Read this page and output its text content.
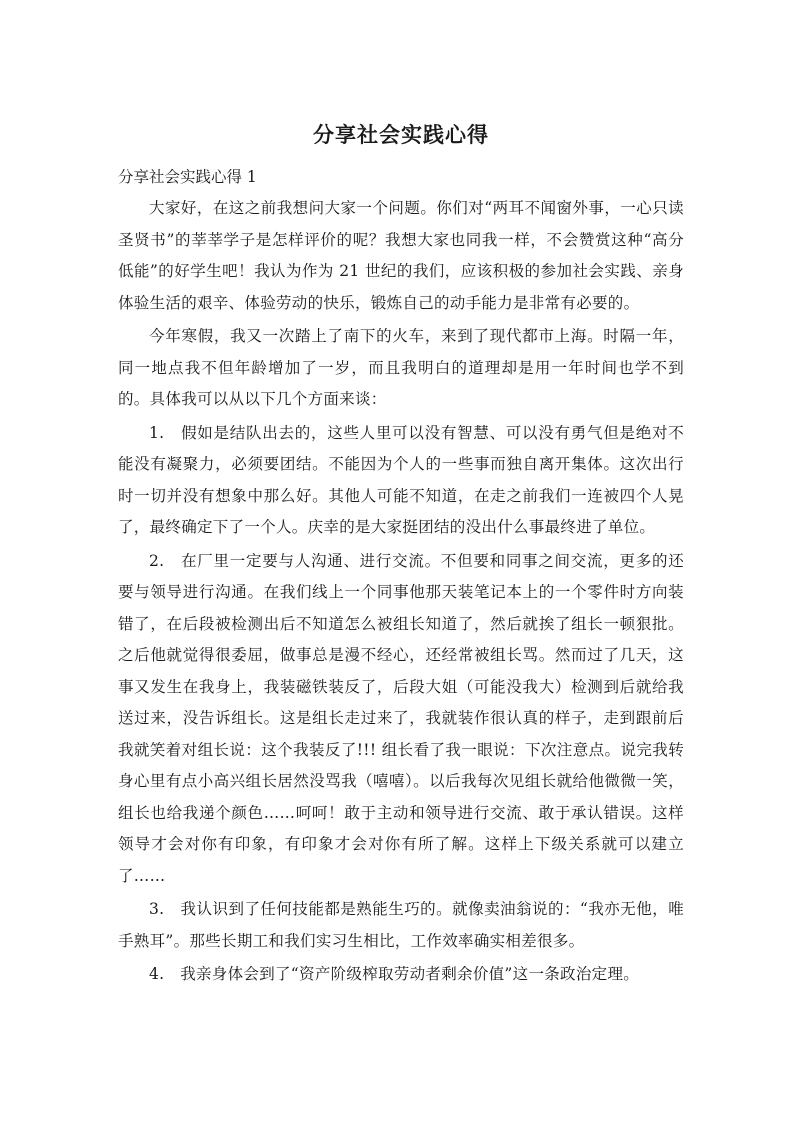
分享社会实践心得

分享社会实践心得 1

大家好，在这之前我想问大家一个问题。你们对“两耳不闻窗外事，一心只读圣贤书”的莘莘学子是怎样评价的呢？我想大家也同我一样，不会赞赏这种“高分低能”的好学生吧！我认为作为 21 世纪的我们，应该积极的参加社会实践、亲身体验生活的艰辛、体验劳动的快乐，锻炼自己的动手能力是非常有必要的。

今年寒假，我又一次踏上了南下的火车，来到了现代都市上海。时隔一年，同一地点我不但年龄增加了一岁，而且我明白的道理却是用一年时间也学不到的。具体我可以从以下几个方面来谈：

1.　假如是结队出去的，这些人里可以没有智慧、可以没有勇气但是绝对不能没有凝聚力，必须要团结。不能因为个人的一些事而独自离开集体。这次出行时一切并没有想象中那么好。其他人可能不知道，在走之前我们一连被四个人晃了，最终确定下了一个人。庆幸的是大家挺团结的没出什么事最终进了单位。

2.　在厂里一定要与人沟通、进行交流。不但要和同事之间交流，更多的还要与领导进行沟通。在我们线上一个同事他那天装笔记本上的一个零件时方向装错了，在后段被检测出后不知道怎么被组长知道了，然后就挨了组长一顿狠批。之后他就觉得很委屈，做事总是漫不经心，还经常被组长骂。然而过了几天，这事又发生在我身上，我装磁铁装反了，后段大姐（可能没我大）检测到后就给我送过来，没告诉组长。这是组长走过来了，我就装作很认真的样子，走到跟前后我就笑着对组长说：这个我装反了!!! 组长看了我一眼说：下次注意点。说完我转身心里有点小高兴组长居然没骂我（嘻嘻）。以后我每次见组长就给他微微一笑，组长也给我递个颜色……呵呵！敢于主动和领导进行交流、敢于承认错误。这样领导才会对你有印象，有印象才会对你有所了解。这样上下级关系就可以建立了……

3.　我认识到了任何技能都是熟能生巧的。就像卖油翁说的：“我亦无他，唯手熟耳”。那些长期工和我们实习生相比，工作效率确实相差很多。

4.　我亲身体会到了“资产阶级榨取劳动者剩余价值”这一条政治定理。
